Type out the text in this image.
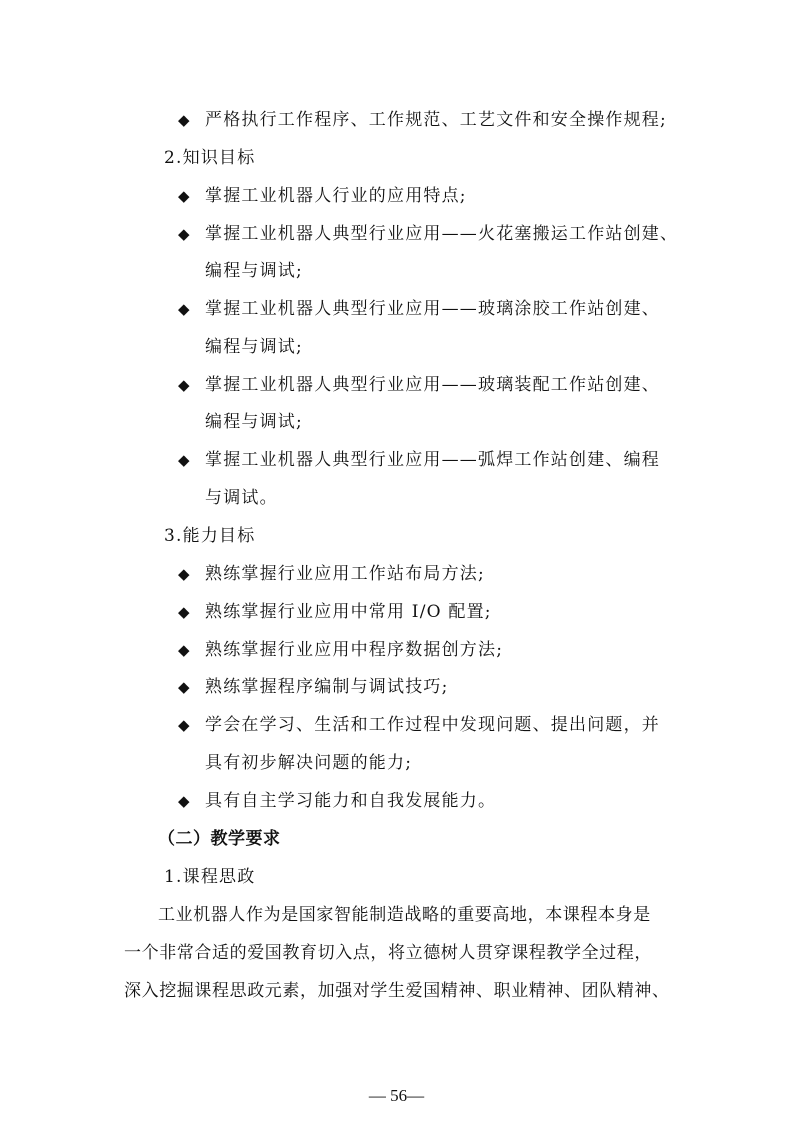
◆ 严格执行工作程序、工作规范、工艺文件和安全操作规程;
2.知识目标
◆ 掌握工业机器人行业的应用特点;
◆ 掌握工业机器人典型行业应用——火花塞搬运工作站创建、
编程与调试;
◆ 掌握工业机器人典型行业应用——玻璃涂胶工作站创建、
编程与调试;
◆ 掌握工业机器人典型行业应用——玻璃装配工作站创建、
编程与调试;
◆ 掌握工业机器人典型行业应用——弧焊工作站创建、编程
与调试。
3.能力目标
◆ 熟练掌握行业应用工作站布局方法;
◆ 熟练掌握行业应用中常用 I/O 配置;
◆ 熟练掌握行业应用中程序数据创方法;
◆ 熟练掌握程序编制与调试技巧;
◆ 学会在学习、生活和工作过程中发现问题、提出问题，并
具有初步解决问题的能力;
◆ 具有自主学习能力和自我发展能力。
（二）教学要求
1.课程思政
工业机器人作为是国家智能制造战略的重要高地，本课程本身是
一个非常合适的爱国教育切入点，将立德树人贯穿课程教学全过程，
深入挖掘课程思政元素，加强对学生爱国精神、职业精神、团队精神、
— 56—
